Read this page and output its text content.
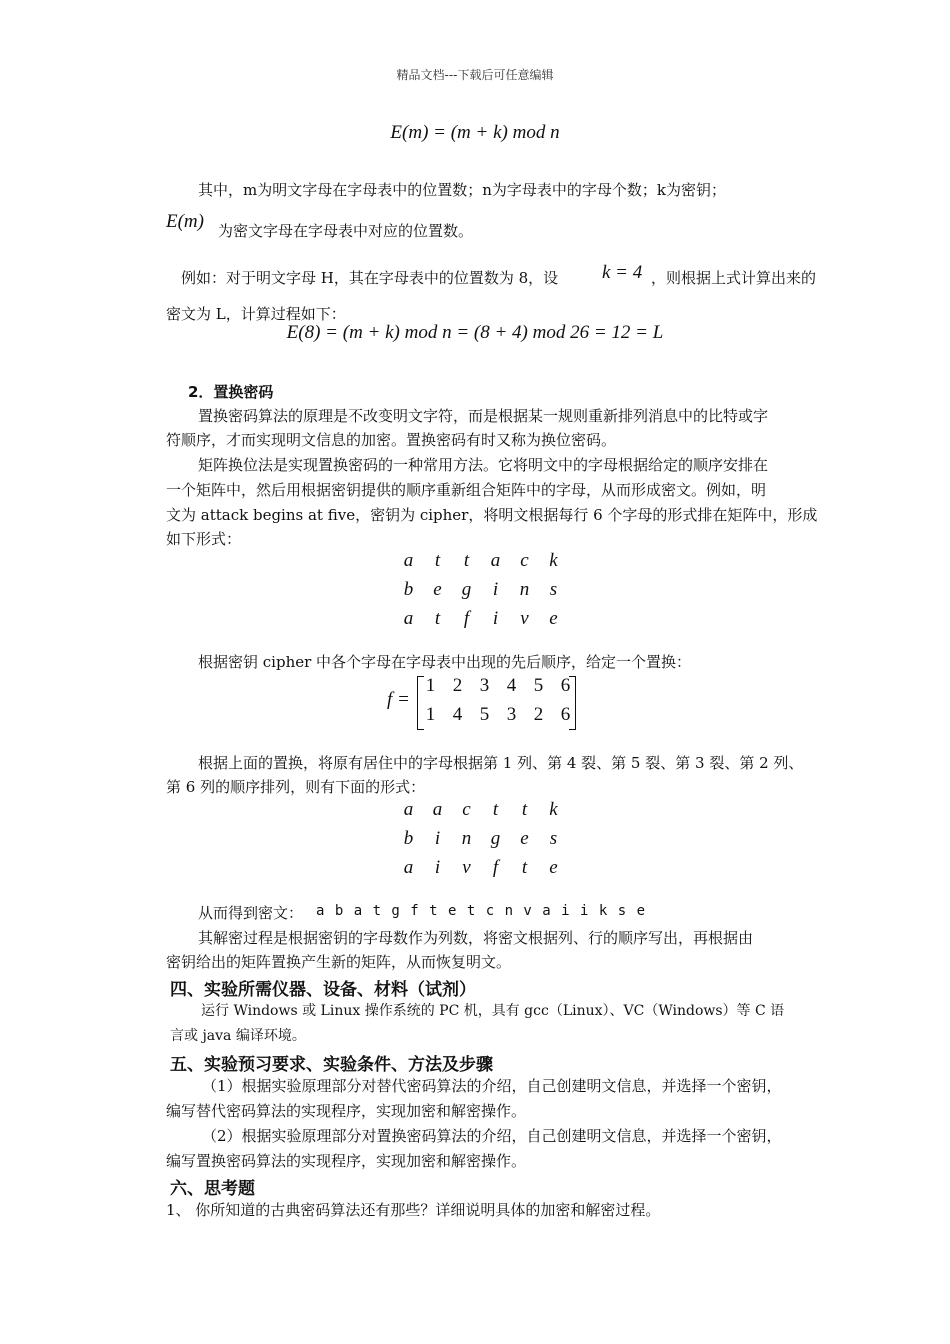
精品文档---下载后可任意编辑
E(m) = (m + k) mod n
其中，m为明文字母在字母表中的位置数；n为字母表中的字母个数；k为密钥；
E(m) 为密文字母在字母表中对应的位置数。
例如：对于明文字母 H，其在字母表中的位置数为 8，设 k = 4 ，则根据上式计算出来的
密文为 L，计算过程如下：
E(8) = (m + k) mod n = (8 + 4) mod 26 = 12 = L
2．置换密码
置换密码算法的原理是不改变明文字符，而是根据某一规则重新排列消息中的比特或字
符顺序，才而实现明文信息的加密。置换密码有时又称为换位密码。
矩阵换位法是实现置换密码的一种常用方法。它将明文中的字母根据给定的顺序安排在
一个矩阵中，然后用根据密钥提供的顺序重新组合矩阵中的字母，从而形成密文。例如，明
文为 attack begins at five，密钥为 cipher，将明文根据每行 6 个字母的形式排在矩阵中，形成
如下形式：
a t t a c k
b e g i n s
a t f i v e
根据密钥 cipher 中各个字母在字母表中出现的先后顺序，给定一个置换：
f =
1 2 3 4 5 6
1 4 5 3 2 6
根据上面的置换，将原有居住中的字母根据第 1 列、第 4 裂、第 5 裂、第 3 裂、第 2 列、
第 6 列的顺序排列，则有下面的形式：
a a c t t k
b i n g e s
a i v f t e
从而得到密文： a b a t g f t e t c n v a i i k s e
其解密过程是根据密钥的字母数作为列数，将密文根据列、行的顺序写出，再根据由
密钥给出的矩阵置换产生新的矩阵，从而恢复明文。
四、实验所需仪器、设备、材料（试剂）
运行 Windows 或 Linux 操作系统的 PC 机，具有 gcc（Linux）、VC（Windows）等 C 语
言或 java 编译环境。
五、实验预习要求、实验条件、方法及步骤
（1）根据实验原理部分对替代密码算法的介绍，自己创建明文信息，并选择一个密钥，
编写替代密码算法的实现程序，实现加密和解密操作。
（2）根据实验原理部分对置换密码算法的介绍，自己创建明文信息，并选择一个密钥，
编写置换密码算法的实现程序，实现加密和解密操作。
六、思考题
1、 你所知道的古典密码算法还有那些？详细说明具体的加密和解密过程。
